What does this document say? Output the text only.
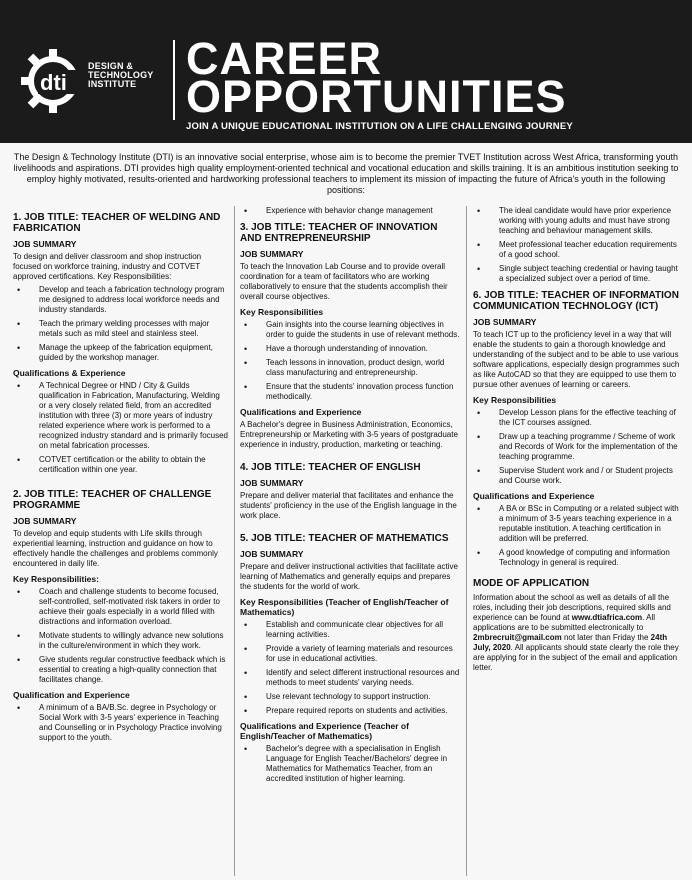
dti
DESIGN &
TECHNOLOGY
INSTITUTE	CAREER
OPPORTUNITIES
JOIN A UNIQUE EDUCATIONAL INSTITUTION ON A LIFE CHALLENGING JOURNEY
The Design & Technology Institute (DTI) is an innovative social enterprise, whose aim is to become the premier TVET Institution across West Africa, transforming youth livelihoods and aspirations. DTI provides high quality employment-oriented technical and vocational education and skills training. It is an ambitious institution seeking to employ highly motivated, results-oriented and hardworking professional teachers to implement its mission of impacting the future of Africa's youth in the following positions:
1. JOB TITLE: TEACHER OF WELDING AND FABRICATION
JOB SUMMARY

To design and deliver classroom and shop instruction focused on workforce training, industry and COTVET approved certifications. Key Responsibilities:

• Develop and teach a fabrication technology program me designed to address local workforce needs and industry standards.
• Teach the primary welding processes with major metals such as mild steel and stainless steel.
• Manage the upkeep of the fabrication equipment, guided by the workshop manager.
Qualifications & Experience
• A Technical Degree or HND / City & Guilds qualification in Fabrication, Manufacturing, Welding or a very closely related field, from an accredited institution with three (3) or more years of industry related experience where work is performed to a recognized industry standard and is primarily focused on metal fabrication processes.
• COTVET certification or the ability to obtain the certification within one year.
2. JOB TITLE: TEACHER OF CHALLENGE PROGRAMME
JOB SUMMARY

To develop and equip students with Life skills through experiential learning, instruction and guidance on how to effectively handle the challenges and problems commonly encountered in daily life.

Key Responsibilities:
• Coach and challenge students to become focused, self-controlled, self-motivated risk takers in order to achieve their goals especially in a world filled with distractions and information overload.
• Motivate students to willingly advance new solutions in the culture/environment in which they work.
• Give students regular constructive feedback which is essential to creating a high-quality connection that facilitates change.
Qualification and Experience
• A minimum of a BA/B.Sc. degree in Psychology or Social Work with 3-5 years' experience in Teaching and Counselling or in Psychology Practice involving support to the youth.
• Experience with behavior change management
3. JOB TITLE: TEACHER OF INNOVATION AND ENTREPRENEURSHIP
JOB SUMMARY

To teach the Innovation Lab Course and to provide overall coordination for a team of facilitators who are working collaboratively to ensure that the students accomplish their overall course objectives.

Key Responsibilities
• Gain insights into the course learning objectives in order to guide the students in use of relevant methods.
• Have a thorough understanding of innovation.
• Teach lessons in innovation, product design, world class manufacturing and entrepreneurship.
• Ensure that the students' innovation process function methodically.
Qualifications and Experience

A Bachelor's degree in Business Administration, Economics, Entrepreneurship or Marketing with 3-5 years of postgraduate experience in industry, production, marketing or teaching.

4. JOB TITLE: TEACHER OF ENGLISH
JOB SUMMARY

Prepare and deliver material that facilitates and enhance the students' proficiency in the use of the English language in the work place.

5. JOB TITLE: TEACHER OF MATHEMATICS
JOB SUMMARY

Prepare and deliver instructional activities that facilitate active learning of Mathematics and generally equips and prepares the students for the world of work.

Key Responsibilities (Teacher of English/Teacher of Mathematics)
• Establish and communicate clear objectives for all learning activities.
• Provide a variety of learning materials and resources for use in educational activities.
• Identify and select different instructional resources and methods to meet students' varying needs.
• Use relevant technology to support instruction.
• Prepare required reports on students and activities.
Qualifications and Experience (Teacher of English/Teacher of Mathematics)
• Bachelor's degree with a specialisation in English Language for English Teacher/Bachelors' degree in Mathematics for Mathematics Teacher, from an accredited institution of higher learning.
• The ideal candidate would have prior experience working with young adults and must have strong teaching and behaviour management skills.
• Meet professional teacher education requirements of a good school.
• Single subject teaching credential or having taught a specialized subject over a period of time.
6. JOB TITLE: TEACHER OF INFORMATION COMMUNICATION TECHNOLOGY (ICT)
JOB SUMMARY

To teach ICT up to the proficiency level in a way that will enable the students to gain a thorough knowledge and understanding of the subject and to be able to use various software applications, especially design programmes such as like AutoCAD so that they are equipped to use them to pursue other avenues of learning or careers.

Key Responsibilities
• Develop Lesson plans for the effective teaching of the ICT courses assigned.
• Draw up a teaching programme / Scheme of work and Records of Work for the implementation of the teaching programme.
• Supervise Student work and / or Student projects and Course work.
Qualifications and Experience
• A BA or BSc in Computing or a related subject with a minimum of 3-5 years teaching experience in a reputable institution. A teaching certification in addition will be preferred.
• A good knowledge of computing and information Technology in general is required.
MODE OF APPLICATION

Information about the school as well as details of all the roles, including their job descriptions, required skills and experience can be found at www.dtiafrica.com. All applications are to be submitted electronically to 2mbrecruit@gmail.com not later than Friday the 24th July, 2020. All applicants should state clearly the role they are applying for in the subject of the email and application letter.
